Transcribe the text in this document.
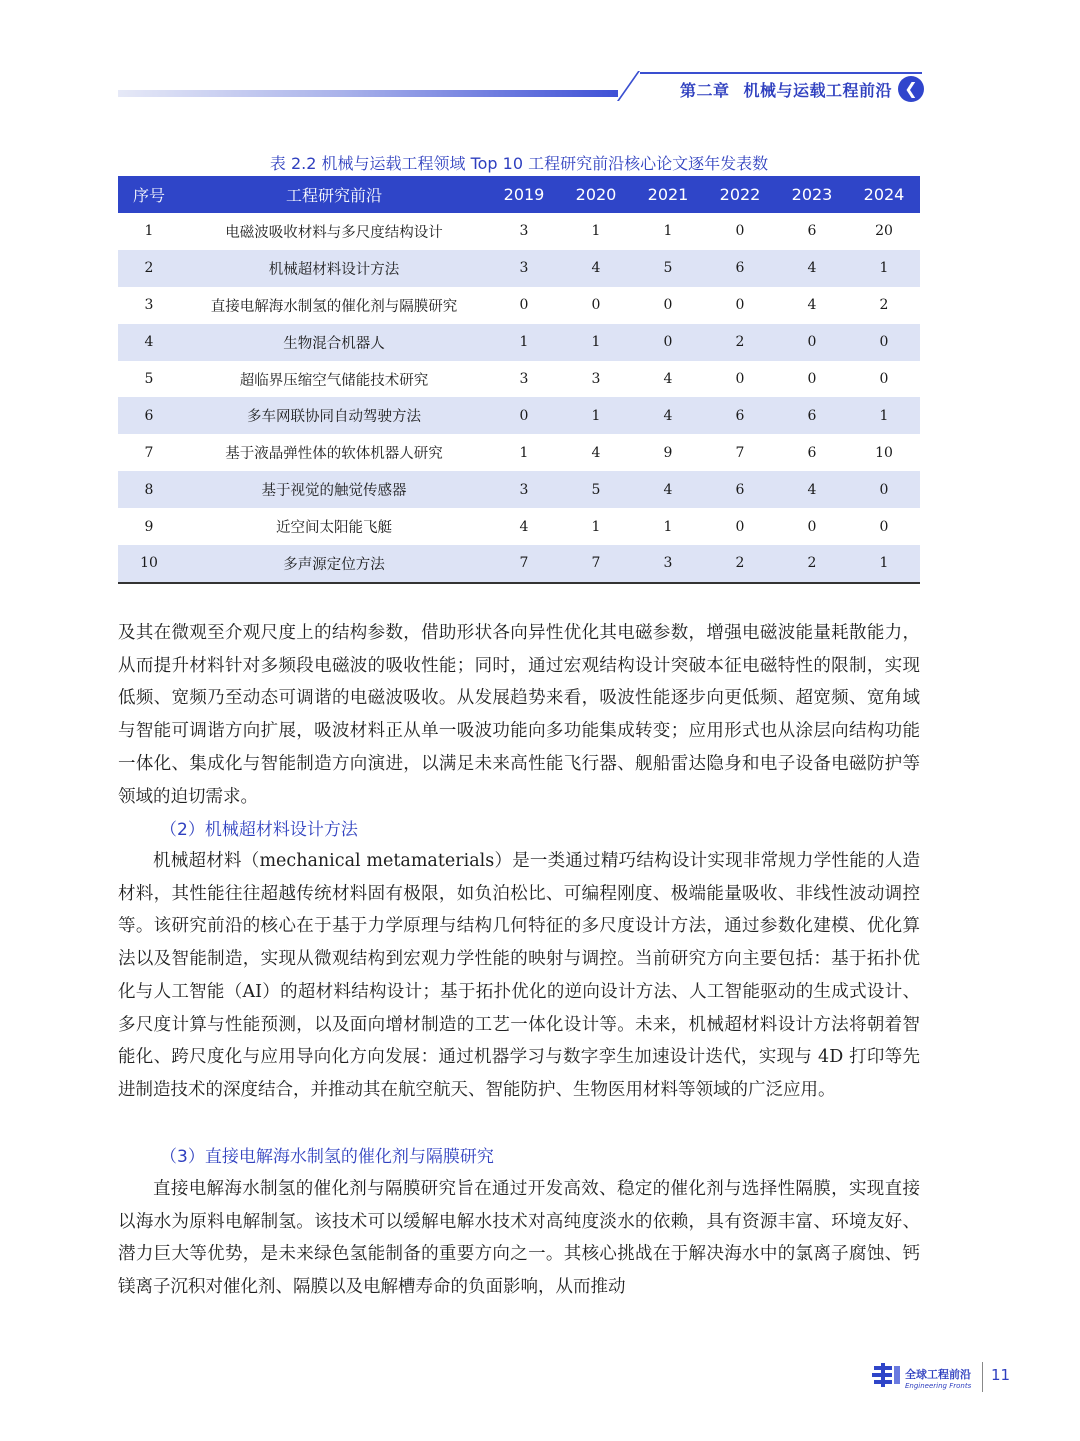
第二章 机械与运载工程前沿 ❮
表 2.2 机械与运载工程领域 Top 10 工程研究前沿核心论文逐年发表数
序号	工程研究前沿	2019	2020	2021	2022	2023	2024
1	电磁波吸收材料与多尺度结构设计	3	1	1	0	6	20
2	机械超材料设计方法	3	4	5	6	4	1
3	直接电解海水制氢的催化剂与隔膜研究	0	0	0	0	4	2
4	生物混合机器人	1	1	0	2	0	0
5	超临界压缩空气储能技术研究	3	3	4	0	0	0
6	多车网联协同自动驾驶方法	0	1	4	6	6	1
7	基于液晶弹性体的软体机器人研究	1	4	9	7	6	10
8	基于视觉的触觉传感器	3	5	4	6	4	0
9	近空间太阳能飞艇	4	1	1	0	0	0
10	多声源定位方法	7	7	3	2	2	1

及其在微观至介观尺度上的结构参数，借助形状各向异性优化其电磁参数，增强电磁波能量耗散能力，从而提升材料针对多频段电磁波的吸收性能；同时，通过宏观结构设计突破本征电磁特性的限制，实现低频、宽频乃至动态可调谐的电磁波吸收。从发展趋势来看，吸波性能逐步向更低频、超宽频、宽角域与智能可调谐方向扩展，吸波材料正从单一吸波功能向多功能集成转变；应用形式也从涂层向结构功能一体化、集成化与智能制造方向演进，以满足未来高性能飞行器、舰船雷达隐身和电子设备电磁防护等领域的迫切需求。

（2）机械超材料设计方法

机械超材料（mechanical metamaterials）是一类通过精巧结构设计实现非常规力学性能的人造材料，其性能往往超越传统材料固有极限，如负泊松比、可编程刚度、极端能量吸收、非线性波动调控等。该研究前沿的核心在于基于力学原理与结构几何特征的多尺度设计方法，通过参数化建模、优化算法以及智能制造，实现从微观结构到宏观力学性能的映射与调控。当前研究方向主要包括：基于拓扑优化与人工智能（AI）的超材料结构设计；基于拓扑优化的逆向设计方法、人工智能驱动的生成式设计、多尺度计算与性能预测，以及面向增材制造的工艺一体化设计等。未来，机械超材料设计方法将朝着智能化、跨尺度化与应用导向化方向发展：通过机器学习与数字孪生加速设计迭代，实现与 4D 打印等先进制造技术的深度结合，并推动其在航空航天、智能防护、生物医用材料等领域的广泛应用。

（3）直接电解海水制氢的催化剂与隔膜研究

直接电解海水制氢的催化剂与隔膜研究旨在通过开发高效、稳定的催化剂与选择性隔膜，实现直接以海水为原料电解制氢。该技术可以缓解电解水技术对高纯度淡水的依赖，具有资源丰富、环境友好、潜力巨大等优势，是未来绿色氢能制备的重要方向之一。其核心挑战在于解决海水中的氯离子腐蚀、钙镁离子沉积对催化剂、隔膜以及电解槽寿命的负面影响，从而推动

全球工程前沿
Engineering Fronts
11
